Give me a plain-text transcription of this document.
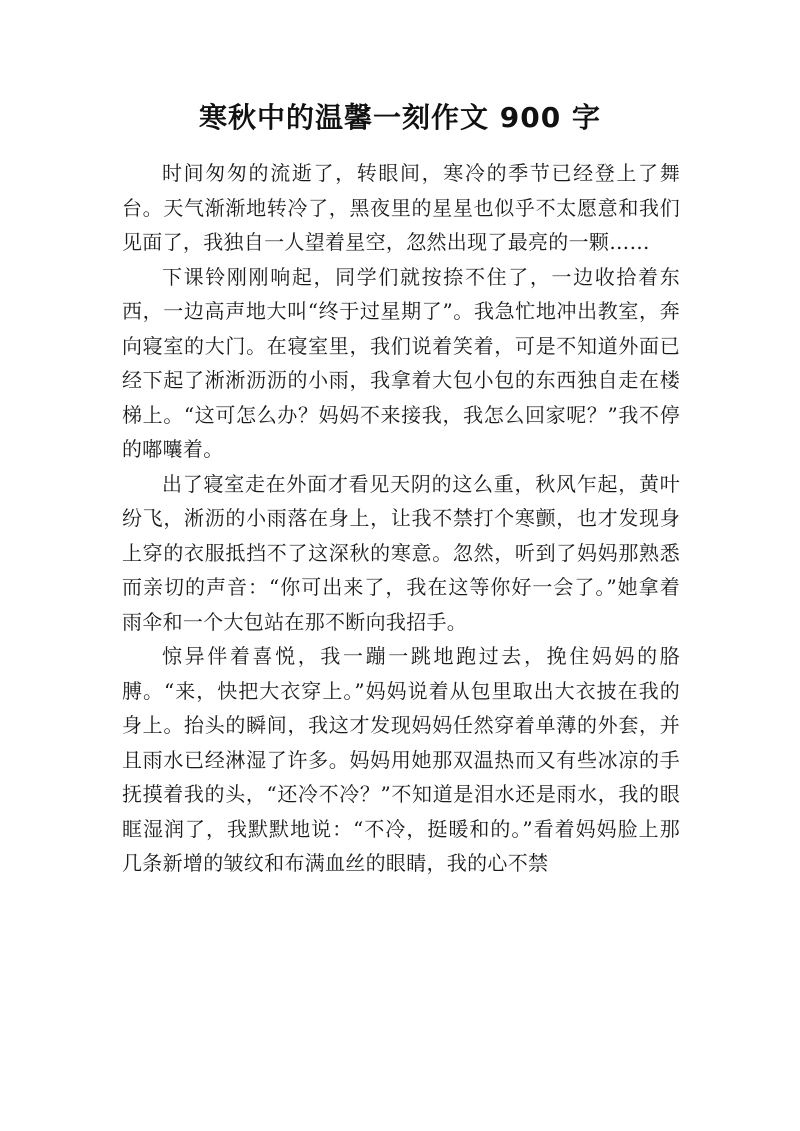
寒秋中的温馨一刻作文 900 字

时间匆匆的流逝了，转眼间，寒冷的季节已经登上了舞台。天气渐渐地转冷了，黑夜里的星星也似乎不太愿意和我们见面了，我独自一人望着星空，忽然出现了最亮的一颗……

下课铃刚刚响起，同学们就按捺不住了，一边收拾着东西，一边高声地大叫“终于过星期了”。我急忙地冲出教室，奔向寝室的大门。在寝室里，我们说着笑着，可是不知道外面已经下起了淅淅沥沥的小雨，我拿着大包小包的东西独自走在楼梯上。“这可怎么办？妈妈不来接我，我怎么回家呢？”我不停的嘟囔着。

出了寝室走在外面才看见天阴的这么重，秋风乍起，黄叶纷飞，淅沥的小雨落在身上，让我不禁打个寒颤，也才发现身上穿的衣服抵挡不了这深秋的寒意。忽然，听到了妈妈那熟悉而亲切的声音：“你可出来了，我在这等你好一会了。”她拿着雨伞和一个大包站在那不断向我招手。

惊异伴着喜悦，我一蹦一跳地跑过去，挽住妈妈的胳膊。“来，快把大衣穿上。”妈妈说着从包里取出大衣披在我的身上。抬头的瞬间，我这才发现妈妈任然穿着单薄的外套，并且雨水已经淋湿了许多。妈妈用她那双温热而又有些冰凉的手抚摸着我的头，“还冷不冷？”不知道是泪水还是雨水，我的眼眶湿润了，我默默地说：“不冷，挺暖和的。”看着妈妈脸上那几条新增的皱纹和布满血丝的眼睛，我的心不禁
